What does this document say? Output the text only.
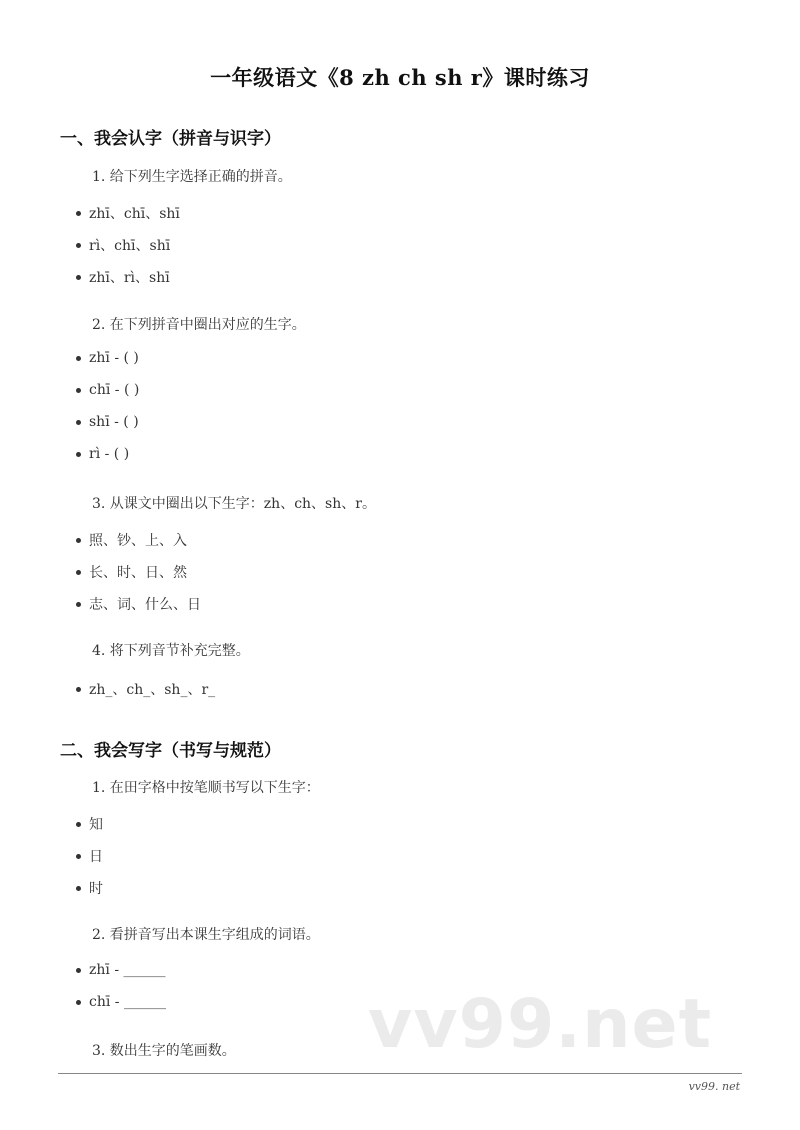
一年级语文《8 zh ch sh r》课时练习
一、我会认字（拼音与识字）
1. 给下列生字选择正确的拼音。
zhī、chī、shī
rì、chī、shī
zhī、rì、shī
2. 在下列拼音中圈出对应的生字。
zhī - ( )
chī - ( )
shī - ( )
rì - ( )
3. 从课文中圈出以下生字：zh、ch、sh、r。
照、钞、上、入
长、时、日、然
志、词、什么、日
4. 将下列音节补充完整。
zh_、ch_、sh_、r_
二、我会写字（书写与规范）
1. 在田字格中按笔顺书写以下生字：
知
日
时
2. 看拼音写出本课生字组成的词语。
zhī - ______
chī - ______
3. 数出生字的笔画数。 vv99.net
vv99. net
